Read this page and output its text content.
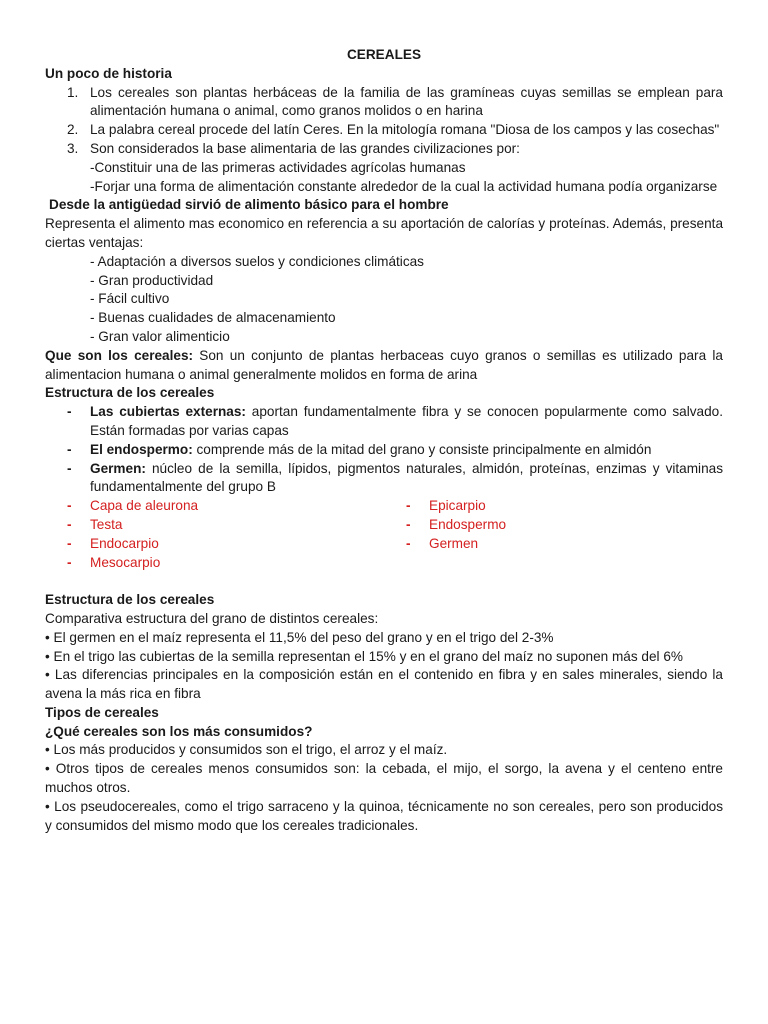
CEREALES

Un poco de historia

1. Los cereales son plantas herbáceas de la familia de las gramíneas cuyas semillas se emplean para alimentación humana o animal, como granos molidos o en harina
2. La palabra cereal procede del latín Ceres. En la mitología romana "Diosa de los campos y las cosechas"
3. Son considerados la base alimentaria de las grandes civilizaciones por:

-Constituir una de las primeras actividades agrícolas humanas

-Forjar una forma de alimentación constante alrededor de la cual la actividad humana podía organizarse

Desde la antigüedad sirvió de alimento básico para el hombre

Representa el alimento mas economico en referencia a su aportación de calorías y proteínas. Además, presenta ciertas ventajas:

- Adaptación a diversos suelos y condiciones climáticas
- Gran productividad
- Fácil cultivo
- Buenas cualidades de almacenamiento
- Gran valor alimenticio

Que son los cereales: Son un conjunto de plantas herbaceas cuyo granos o semillas es utilizado para la alimentacion humana o animal generalmente molidos en forma de arina

Estructura de los cereales

- Las cubiertas externas: aportan fundamentalmente fibra y se conocen popularmente como salvado. Están formadas por varias capas
- El endospermo: comprende más de la mitad del grano y consiste principalmente en almidón
- Germen: núcleo de la semilla, lípidos, pigmentos naturales, almidón, proteínas, enzimas y vitaminas fundamentalmente del grupo B
- Capa de aleurona
- Testa
- Endocarpio
- Mesocarpio
- Epicarpio
- Endospermo
- Germen

Estructura de los cereales

Comparativa estructura del grano de distintos cereales:

• El germen en el maíz representa el 11,5% del peso del grano y en el trigo del 2-3%

• En el trigo las cubiertas de la semilla representan el 15% y en el grano del maíz no suponen más del 6%

• Las diferencias principales en la composición están en el contenido en fibra y en sales minerales, siendo la avena la más rica en fibra

Tipos de cereales

¿Qué cereales son los más consumidos?

• Los más producidos y consumidos son el trigo, el arroz y el maíz.

• Otros tipos de cereales menos consumidos son: la cebada, el mijo, el sorgo, la avena y el centeno entre muchos otros.

• Los pseudocereales, como el trigo sarraceno y la quinoa, técnicamente no son cereales, pero son producidos y consumidos del mismo modo que los cereales tradicionales.
